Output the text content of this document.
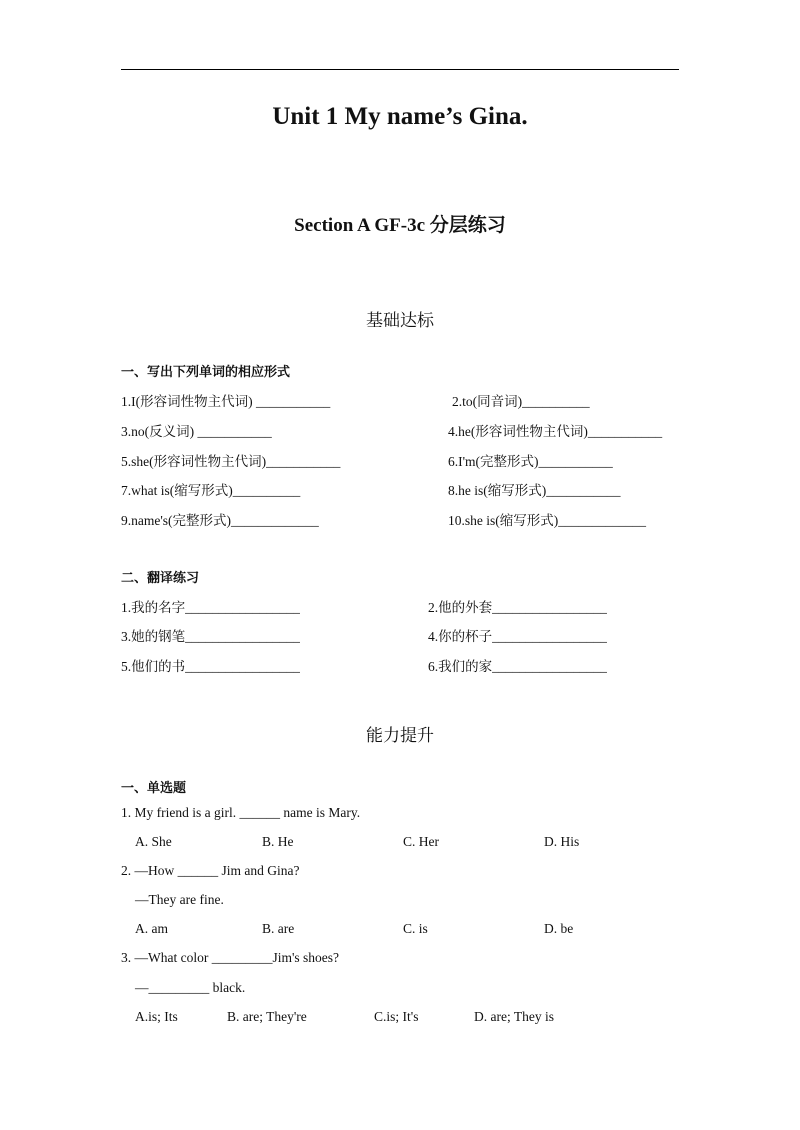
Unit 1 My name’s Gina.
Section A GF-3c 分层练习
基础达标
一、写出下列单词的相应形式
1.I(形容词性物主代词) ___________	2.to(同音词)__________
3.no(反义词) ___________	4.he(形容词性物主代词)___________
5.she(形容词性物主代词)___________	6.I'm(完整形式)___________
7.what is(缩写形式)__________	8.he is(缩写形式)___________
9.name's(完整形式)_____________	10.she is(缩写形式)_____________
二、翻译练习
1.我的名字_________________	2.他的外套_________________
3.她的钢笔_________________	4.你的杯子_________________
5.他们的书_________________	6.我们的家_________________
能力提升
一、单选题
1. My friend is a girl. ______ name is Mary.
A. She	B. He	C. Her	D. His
2. —How ______ Jim and Gina?
—They are fine.
A. am	B. are	C. is	D. be
3. —What color _________Jim's shoes?
—_________ black.
A.is; Its	B. are; They're	C.is; It's	D. are; They is
